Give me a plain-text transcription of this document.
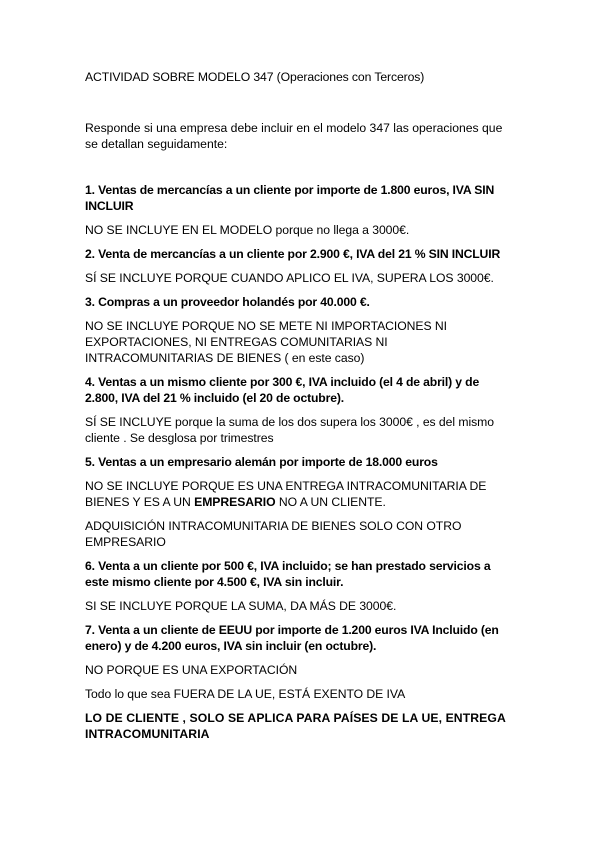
ACTIVIDAD SOBRE MODELO 347 (Operaciones con Terceros)

Responde si una empresa debe incluir en el modelo 347 las operaciones que se detallan seguidamente:

1. Ventas de mercancías a un cliente por importe de 1.800 euros, IVA SIN INCLUIR

NO SE INCLUYE EN EL MODELO porque no llega a 3000€.

2. Venta de mercancías a un cliente por 2.900 €, IVA del 21 % SIN INCLUIR

SÍ SE INCLUYE PORQUE CUANDO APLICO EL IVA, SUPERA LOS 3000€.

3. Compras a un proveedor holandés por 40.000 €.

NO SE INCLUYE PORQUE NO SE METE NI IMPORTACIONES NI EXPORTACIONES, NI ENTREGAS COMUNITARIAS NI INTRACOMUNITARIAS DE BIENES ( en este caso)

4. Ventas a un mismo cliente por 300 €, IVA incluido (el 4 de abril) y de 2.800, IVA del 21 % incluido (el 20 de octubre).

SÍ SE INCLUYE porque la suma de los dos supera los 3000€ , es del mismo cliente . Se desglosa por trimestres

5. Ventas a un empresario alemán por importe de 18.000 euros

NO SE INCLUYE PORQUE ES UNA ENTREGA INTRACOMUNITARIA DE BIENES Y ES A UN EMPRESARIO NO A UN CLIENTE.

ADQUISICIÓN INTRACOMUNITARIA DE BIENES SOLO CON OTRO EMPRESARIO

6. Venta a un cliente por 500 €, IVA incluido; se han prestado servicios a este mismo cliente por 4.500 €, IVA sin incluir.

SI SE INCLUYE PORQUE LA SUMA, DA MÁS DE 3000€.

7. Venta a un cliente de EEUU por importe de 1.200 euros IVA Incluido (en enero) y de 4.200 euros, IVA sin incluir (en octubre).

NO PORQUE ES UNA EXPORTACIÓN

Todo lo que sea FUERA DE LA UE, ESTÁ EXENTO DE IVA

LO DE CLIENTE , SOLO SE APLICA PARA PAÍSES DE LA UE, ENTREGA INTRACOMUNITARIA
